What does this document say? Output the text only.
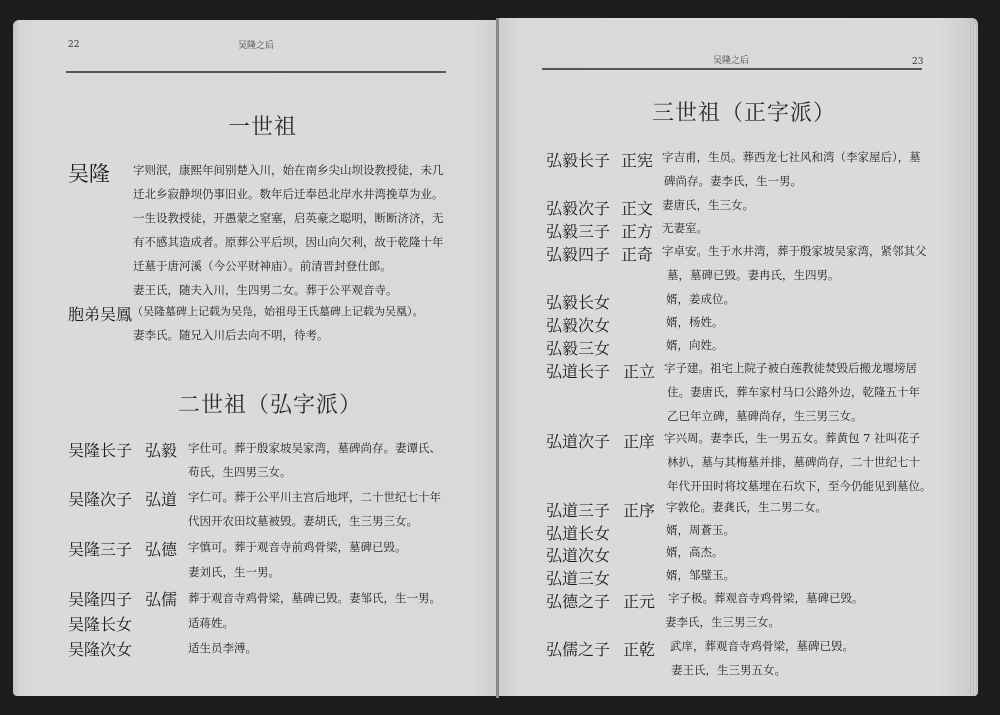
22	吴隆之后
一世祖
吴隆 字则泯，康熙年间别楚入川，始在南乡尖山坝设教授徒，未几
迁北乡寂静坝仍事旧业。数年后迁奉邑北岸水井湾挽草为业。
一生设教授徒，开愚蒙之窒塞，启英豪之聪明，断断济济，无
有不感其造成者。原葬公平后坝，因山向欠利，故于乾隆十年
迁墓于唐河溪（今公平财神庙）。前清晋封登仕郎。
妻王氏，随夫入川，生四男二女。葬于公平观音寺。
胞弟吴鳳 （吴隆墓碑上记载为吴凫，始祖母王氏墓碑上记载为吴凰）。
妻李氏。随兄入川后去向不明，待考。
二世祖（弘字派）
吴隆长子 弘毅 字仕可。葬于殷家坡吴家湾，墓碑尚存。妻谭氏、
苟氏，生四男三女。
吴隆次子 弘道 字仁可。葬于公平川主宫后地坪，二十世纪七十年
代因开农田坟墓被毁。妻胡氏，生三男三女。
吴隆三子 弘德 字慎可。葬于观音寺前鸡骨梁，墓碑已毁。
妻刘氏，生一男。
吴隆四子 弘儒 葬于观音寺鸡骨梁，墓碑已毁。妻邹氏，生一男。
吴隆长女	适蒋姓。
吴隆次女	适生员李溥。
吴隆之后	23
三世祖（正字派）
弘毅长子 正宪 字吉甫，生员。葬西龙七社风和湾（李家屋后），墓
碑尚存。妻李氏，生一男。
弘毅次子 正文 妻唐氏，生三女。
弘毅三子 正方 无妻室。
弘毅四子 正奇 字卓安。生于水井湾，葬于殷家坡吴家湾，紧邻其父
墓，墓碑已毁。妻冉氏，生四男。
弘毅长女	婿，姜成位。
弘毅次女	婿，杨姓。
弘毅三女	婿，向姓。
弘道长子 正立 字子建。祖宅上院子被白莲教徒焚毁后搬龙堰塝居
住。妻唐氏，葬车家村马口公路外边，乾隆五十年
乙巳年立碑，墓碑尚存，生三男三女。
弘道次子 正庠 字兴周。妻李氏，生一男五女。葬黄包 7 社叫花子
林扒，墓与其梅墓并排，墓碑尚存，二十世纪七十
年代开田时将坟墓埋在石坎下，至今仍能见到墓位。
弘道三子 正序 字敦伦。妻龚氏，生二男二女。
弘道长女	婿，周蒼玉。
弘道次女	婿，高杰。
弘道三女	婿，邹璧玉。
弘德之子 正元 字子极。葬观音寺鸡骨梁，墓碑已毁。
妻李氏，生三男三女。
弘儒之子 正乾 武庠，葬观音寺鸡骨梁，墓碑已毁。
妻王氏，生三男五女。
